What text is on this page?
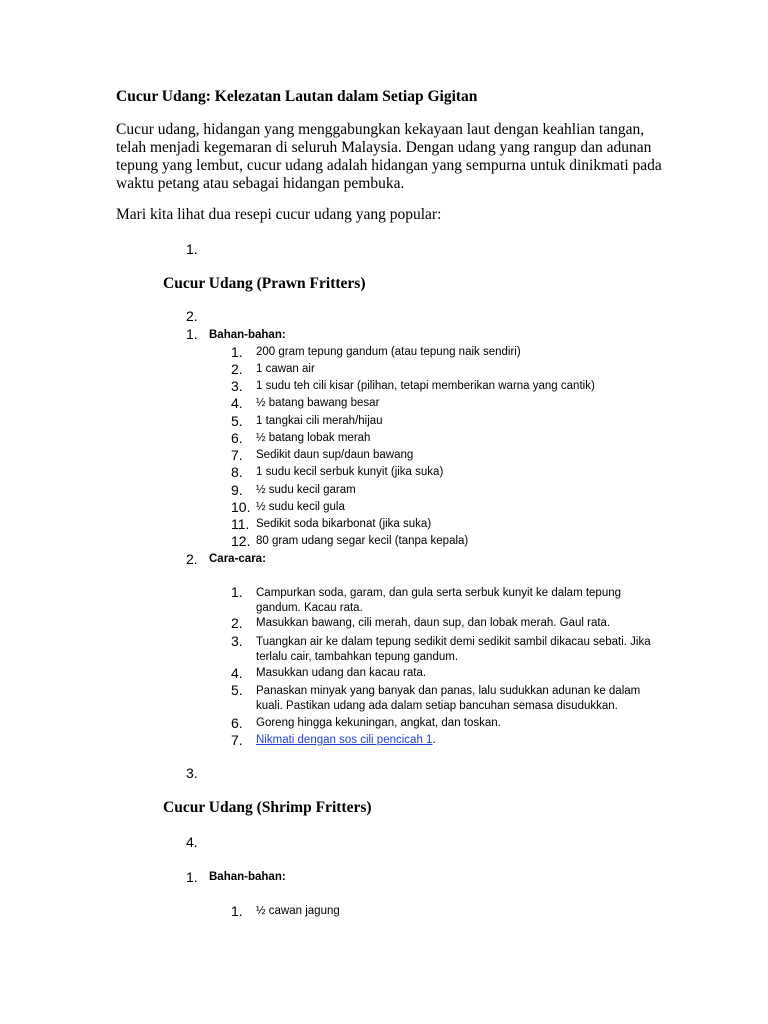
Cucur Udang: Kelezatan Lautan dalam Setiap Gigitan
Cucur udang, hidangan yang menggabungkan kekayaan laut dengan keahlian tangan, telah menjadi kegemaran di seluruh Malaysia. Dengan udang yang rangup dan adunan tepung yang lembut, cucur udang adalah hidangan yang sempurna untuk dinikmati pada waktu petang atau sebagai hidangan pembuka.
Mari kita lihat dua resepi cucur udang yang popular:
1.
Cucur Udang (Prawn Fritters)
2.
1. Bahan-bahan:
1. 200 gram tepung gandum (atau tepung naik sendiri)
2. 1 cawan air
3. 1 sudu teh cili kisar (pilihan, tetapi memberikan warna yang cantik)
4. ½ batang bawang besar
5. 1 tangkai cili merah/hijau
6. ½ batang lobak merah
7. Sedikit daun sup/daun bawang
8. 1 sudu kecil serbuk kunyit (jika suka)
9. ½ sudu kecil garam
10. ½ sudu kecil gula
11. Sedikit soda bikarbonat (jika suka)
12. 80 gram udang segar kecil (tanpa kepala)
2. Cara-cara:
1. Campurkan soda, garam, dan gula serta serbuk kunyit ke dalam tepung gandum. Kacau rata.
2. Masukkan bawang, cili merah, daun sup, dan lobak merah. Gaul rata.
3. Tuangkan air ke dalam tepung sedikit demi sedikit sambil dikacau sebati. Jika terlalu cair, tambahkan tepung gandum.
4. Masukkan udang dan kacau rata.
5. Panaskan minyak yang banyak dan panas, lalu sudukkan adunan ke dalam kuali. Pastikan udang ada dalam setiap bancuhan semasa disudukkan.
6. Goreng hingga kekuningan, angkat, dan toskan.
7. Nikmati dengan sos cili pencicah 1.
3.
Cucur Udang (Shrimp Fritters)
4.
1. Bahan-bahan:
1. ½ cawan jagung
